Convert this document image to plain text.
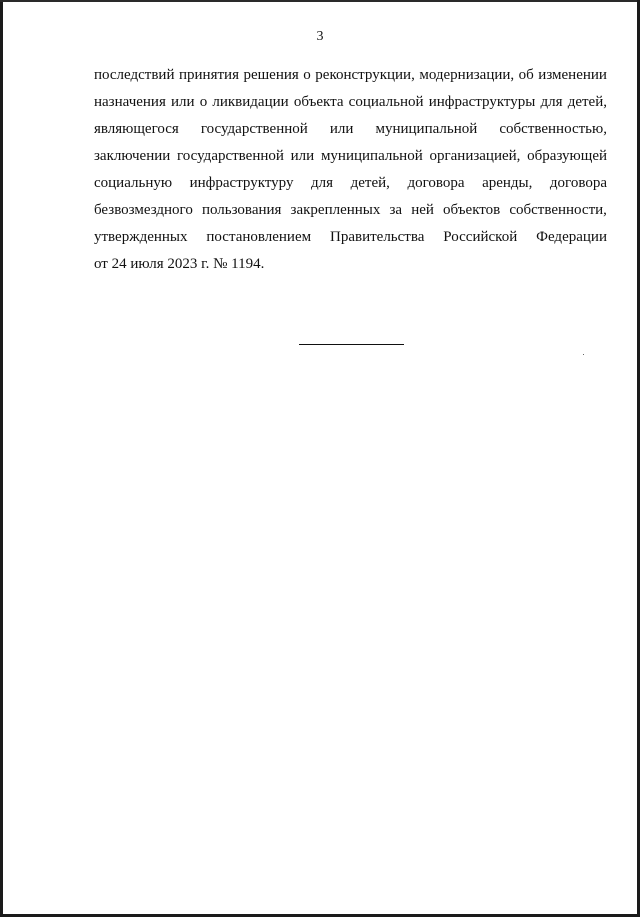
3
последствий принятия решения о реконструкции, модернизации, об изменении
назначения или о ликвидации объекта социальной инфраструктуры для детей,
являющегося государственной или муниципальной собственностью,
заключении государственной или муниципальной организацией, образующей
социальную инфраструктуру для детей, договора аренды, договора
безвозмездного пользования закрепленных за ней объектов собственности,
утвержденных постановлением Правительства Российской Федерации
от 24 июля 2023 г. № 1194.
